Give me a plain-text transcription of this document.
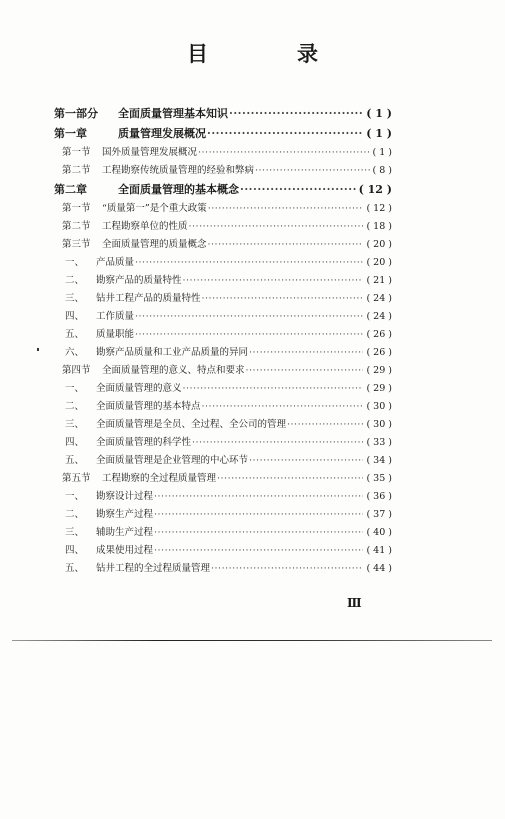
目　录
第一部分	全面质量管理基本知识 ·····	( 1 )
第一章	质量管理发展概况 ·····	( 1 )
第一节	国外质量管理发展概况 ·····	( 1 )
第二节	工程勘察传统质量管理的经验和弊病 ·····	( 8 )
第二章	全面质量管理的基本概念 ·····	( 12 )
第一节	“质量第一”是个重大政策 ·····	( 12 )
第二节	工程勘察单位的性质 ·····	( 18 )
第三节	全面质量管理的质量概念 ·····	( 20 )
一、	产品质量 ·····	( 20 )
二、	勘察产品的质量特性 ·····	( 21 )
三、	钻井工程产品的质量特性 ·····	( 24 )
四、	工作质量 ·····	( 24 )
五、	质量职能 ·····	( 26 )
六、	勘察产品质量和工业产品质量的异同 ·····	( 26 )
第四节	全面质量管理的意义、特点和要求 ·····	( 29 )
一、	全面质量管理的意义 ·····	( 29 )
二、	全面质量管理的基本特点 ·····	( 30 )
三、	全面质量管理是全员、全过程、全公司的管理 ·····	( 30 )
四、	全面质量管理的科学性 ·····	( 33 )
五、	全面质量管理是企业管理的中心环节 ·····	( 34 )
第五节	工程勘察的全过程质量管理 ·····	( 35 )
一、	勘察设计过程 ·····	( 36 )
二、	勘察生产过程 ·····	( 37 )
三、	辅助生产过程 ·····	( 40 )
四、	成果使用过程 ·····	( 41 )
五、	钻井工程的全过程质量管理 ·····	( 44 )
Ⅲ
